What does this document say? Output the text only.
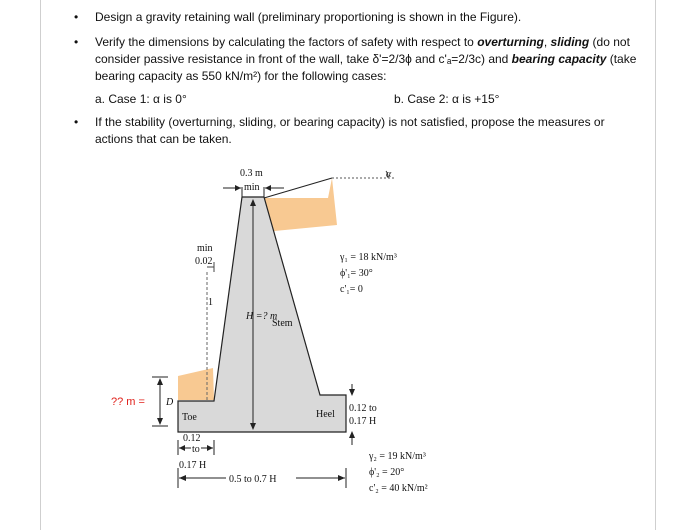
• Design a gravity retaining wall (preliminary proportioning is shown in the Figure).
• Verify the dimensions by calculating the factors of safety with respect to overturning, sliding (do not consider passive resistance in front of the wall, take δ'=2/3ϕ and c'ₐ=2/3c) and bearing capacity (take bearing capacity as 550 kN/m²) for the following cases:
a. Case 1: α is 0°	b. Case 2: α is +15°
• If the stability (overturning, sliding, or bearing capacity) is not satisfied, propose the measures or actions that can be taken.
0.3 m
min
α
min
0.02
1
H =? m
Stem
γ₁ = 18 kN/m³
ϕ'₁= 30°
c'₁= 0
Toe	Heel
0.12
to
0.17 H
0.12 to
0.17 H
0.5 to 0.7 H
γ₂ = 19 kN/m³
ϕ'₂ = 20°
c'₂ = 40 kN/m²
D
?? m =
